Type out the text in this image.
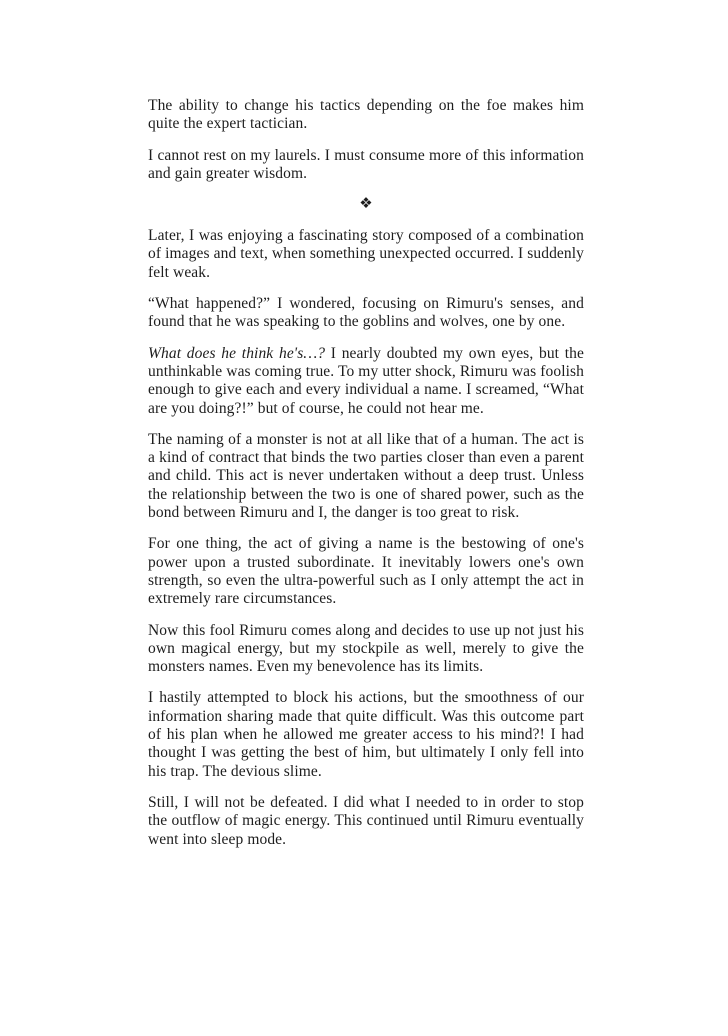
The ability to change his tactics depending on the foe makes him quite the expert tactician.

I cannot rest on my laurels. I must consume more of this information and gain greater wisdom.

❖

Later, I was enjoying a fascinating story composed of a combination of images and text, when something unexpected occurred. I suddenly felt weak.

“What happened?” I wondered, focusing on Rimuru's senses, and found that he was speaking to the goblins and wolves, one by one.

What does he think he's…? I nearly doubted my own eyes, but the unthinkable was coming true. To my utter shock, Rimuru was foolish enough to give each and every individual a name. I screamed, “What are you doing?!” but of course, he could not hear me.

The naming of a monster is not at all like that of a human. The act is a kind of contract that binds the two parties closer than even a parent and child. This act is never undertaken without a deep trust. Unless the relationship between the two is one of shared power, such as the bond between Rimuru and I, the danger is too great to risk.

For one thing, the act of giving a name is the bestowing of one's power upon a trusted subordinate. It inevitably lowers one's own strength, so even the ultra-powerful such as I only attempt the act in extremely rare circumstances.

Now this fool Rimuru comes along and decides to use up not just his own magical energy, but my stockpile as well, merely to give the monsters names. Even my benevolence has its limits.

I hastily attempted to block his actions, but the smoothness of our information sharing made that quite difficult. Was this outcome part of his plan when he allowed me greater access to his mind?! I had thought I was getting the best of him, but ultimately I only fell into his trap. The devious slime.

Still, I will not be defeated. I did what I needed to in order to stop the outflow of magic energy. This continued until Rimuru eventually went into sleep mode.
